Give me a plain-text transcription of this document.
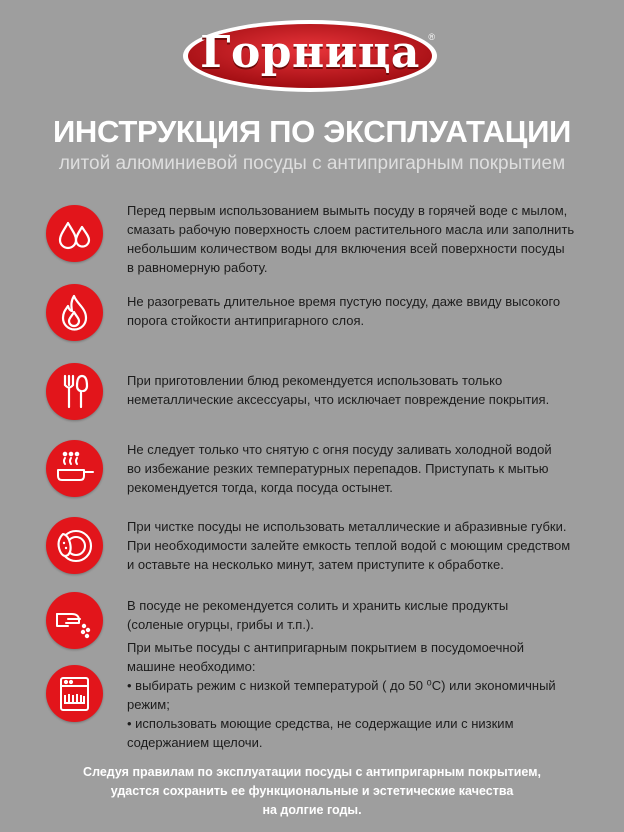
Горница ®
ИНСТРУКЦИЯ ПО ЭКСПЛУАТАЦИИ
литой алюминиевой посуды с антипригарным покрытием

Перед первым использованием вымыть посуду в горячей воде с мылом,

смазать рабочую поверхность слоем растительного масла или заполнить

небольшим количеством воды для включения всей поверхности посуды

в равномерную работу.

Не разогревать длительное время пустую посуду, даже ввиду высокого

порога стойкости антипригарного слоя.

При приготовлении блюд рекомендуется использовать только

неметаллические аксессуары, что исключает повреждение покрытия.

Не следует только что снятую с огня посуду заливать холодной водой

во избежание резких температурных перепадов. Приступать к мытью

рекомендуется тогда, когда посуда остынет.

При чистке посуды не использовать металлические и абразивные губки.

При необходимости залейте емкость теплой водой с моющим средством

и оставьте на несколько минут, затем приступите к обработке.

В посуде не рекомендуется солить и хранить кислые продукты

(соленые огурцы, грибы и т.п.).

При мытье посуды с антипригарным покрытием в посудомоечной

машине необходимо:

• выбирать режим с низкой температурой ( до 50 ⁰С) или экономичный

режим;

• использовать моющие средства, не содержащие или с низким

содержанием щелочи.

Следуя правилам по эксплуатации посуды с антипригарным покрытием,

удастся сохранить ее функциональные и эстетические качества

на долгие годы.
